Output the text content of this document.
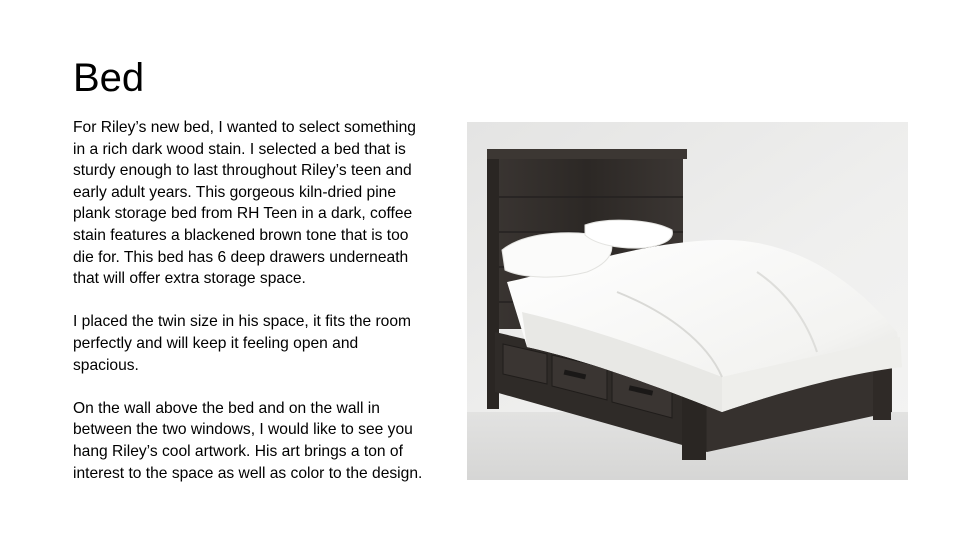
Bed

For Riley’s new bed, I wanted to select something
in a rich dark wood stain. I selected a bed that is
sturdy enough to last throughout Riley’s teen and
early adult years. This gorgeous kiln-dried pine
plank storage bed from RH Teen in a dark, coffee
stain features a blackened brown tone that is too
die for. This bed has 6 deep drawers underneath
that will offer extra storage space.

I placed the twin size in his space, it fits the room
perfectly and will keep it feeling open and
spacious.

On the wall above the bed and on the wall in
between the two windows, I would like to see you
hang Riley’s cool artwork. His art brings a ton of
interest to the space as well as color to the design.
